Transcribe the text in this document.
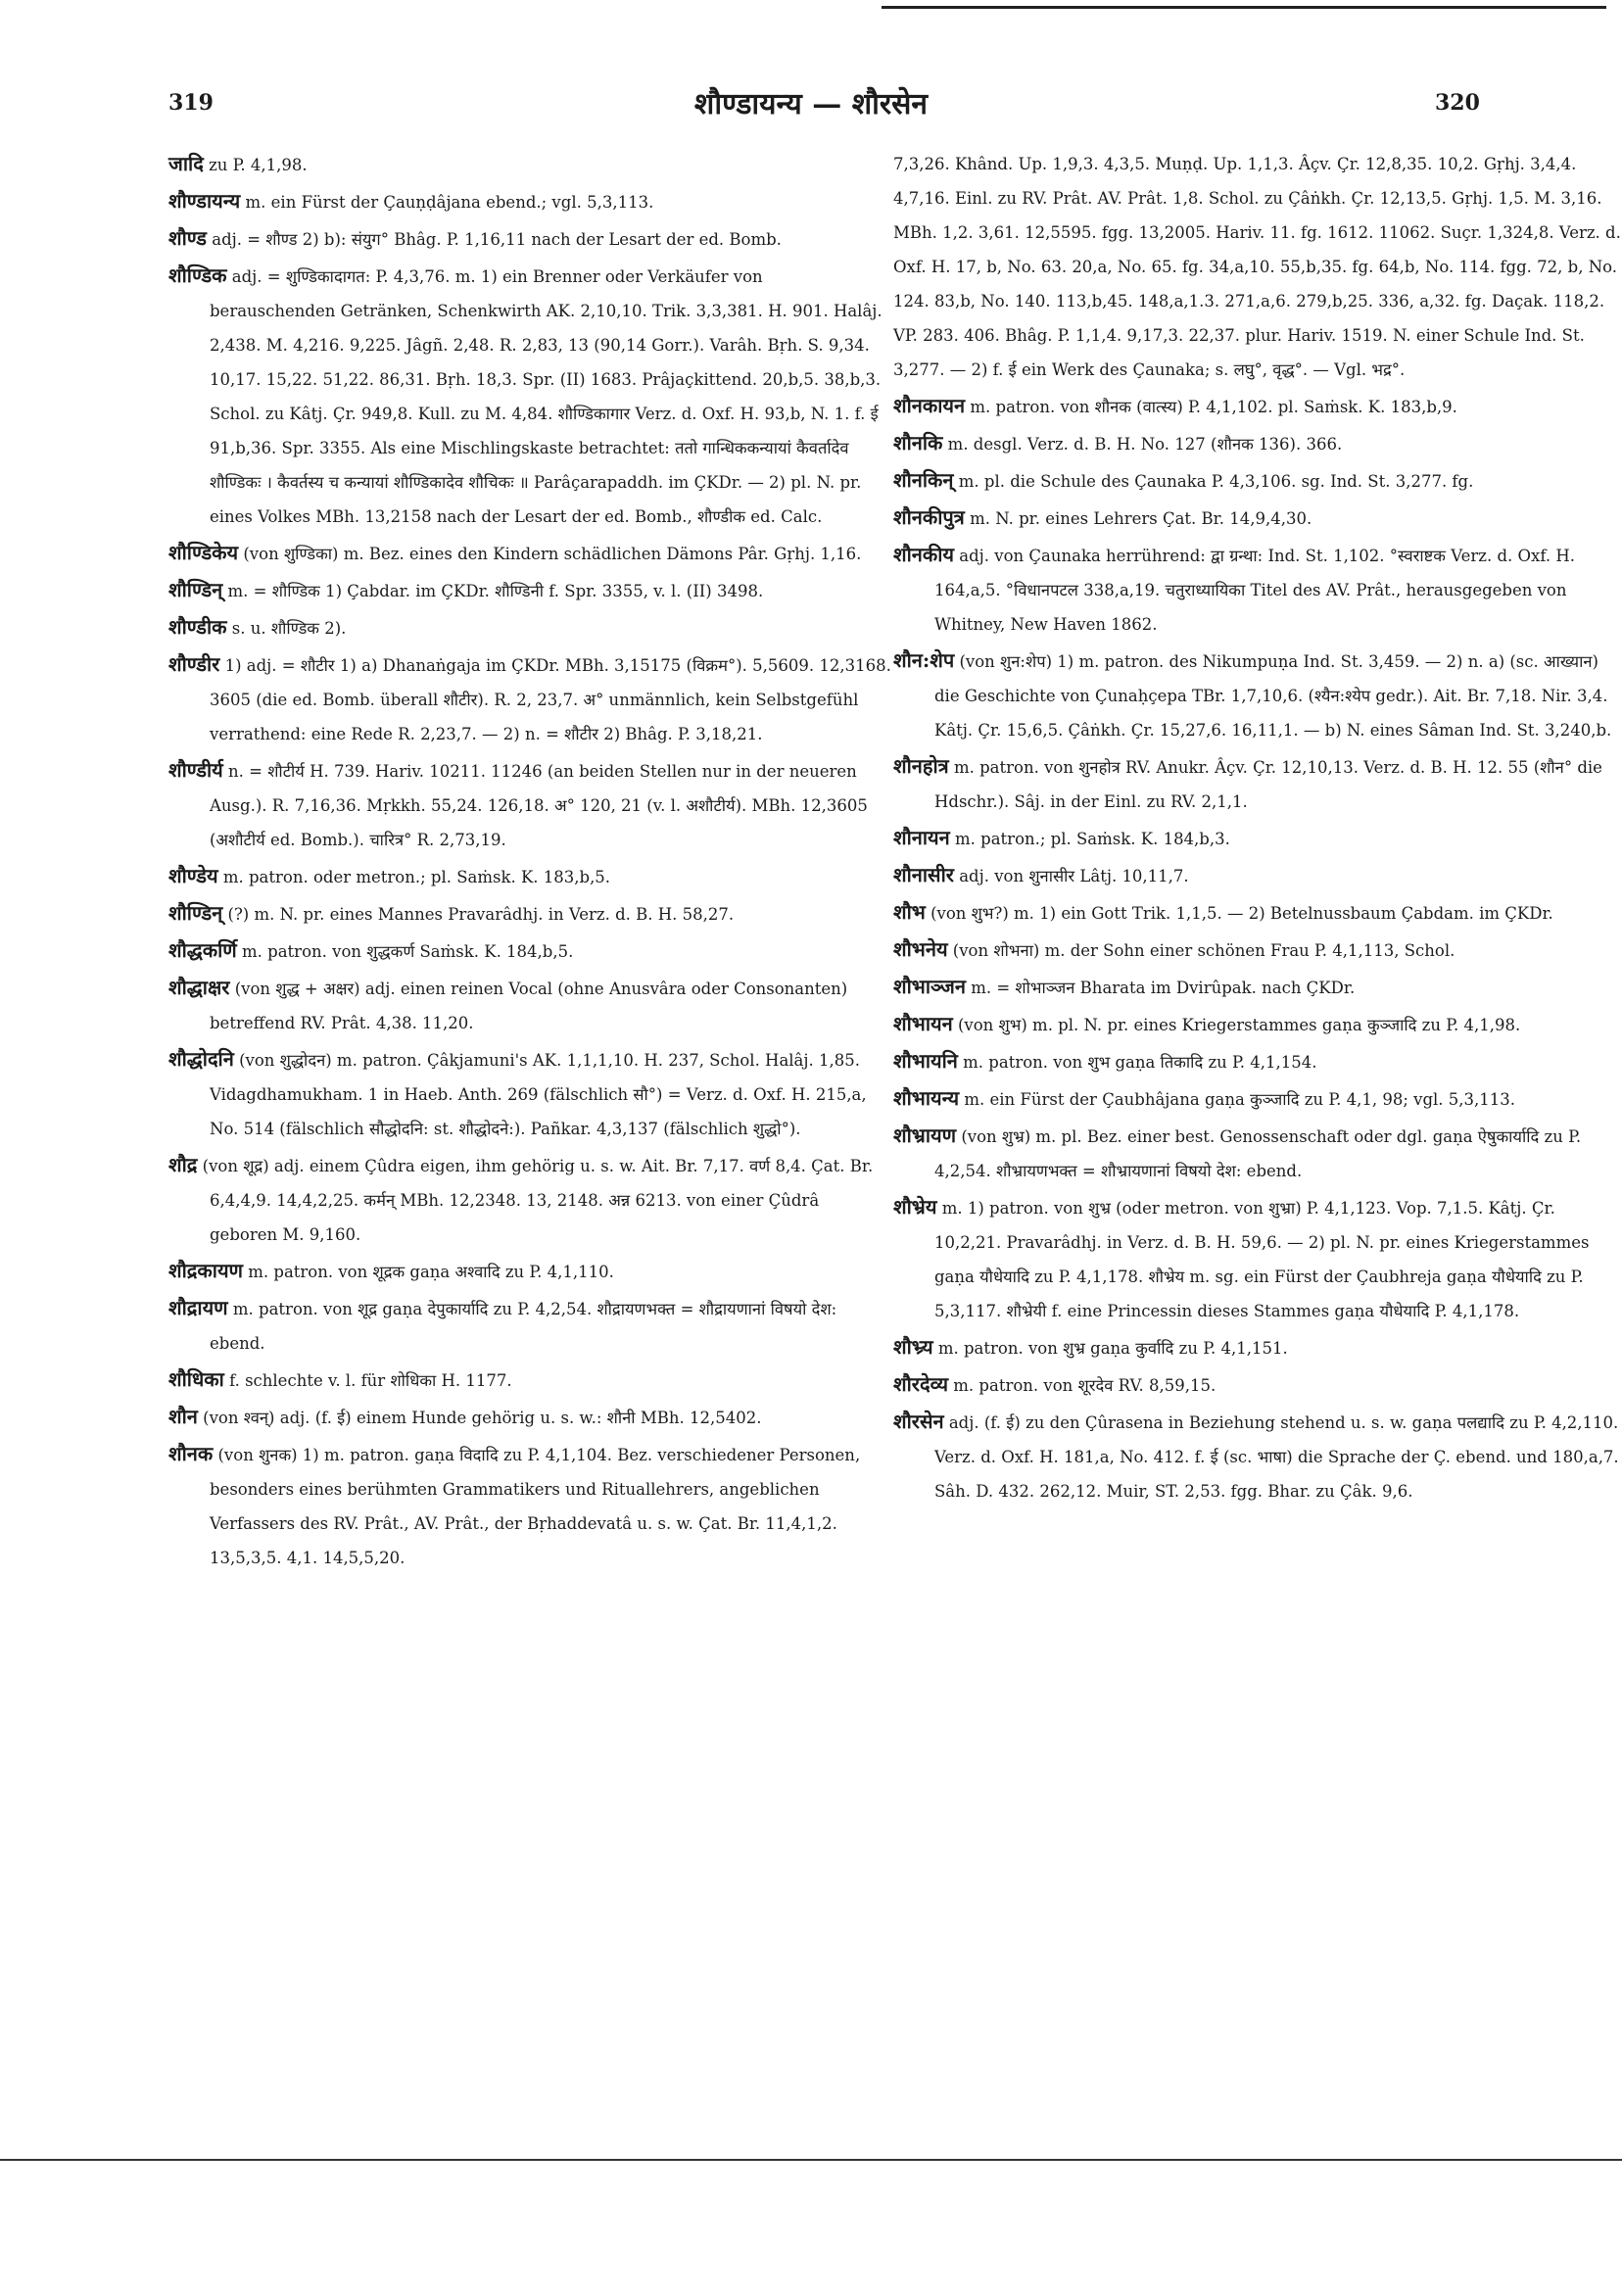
319	शौण्डायन्य — शौरसेन	320

जादि zu P. 4,1,98.

शौण्डायन्य m. ein Fürst der Çauṇḍâjana ebend.; vgl. 5,3,113.

शौण्ड adj. = शौण्ड 2) b): संयुग° Bhâg. P. 1,16,11 nach der Lesart der ed. Bomb.

शौण्डिक adj. = शुण्डिकादागत: P. 4,3,76. m. 1) ein Brenner oder Verkäufer von berauschenden Getränken, Schenkwirth AK. 2,10,10. Trik. 3,3,381. H. 901. Halâj. 2,438. M. 4,216. 9,225. Jâgñ. 2,48. R. 2,83, 13 (90,14 Gorr.). Varâh. Bṛh. S. 9,34. 10,17. 15,22. 51,22. 86,31. Bṛh. 18,3. Spr. (II) 1683. Prâjaçkittend. 20,b,5. 38,b,3. Schol. zu Kâtj. Çr. 949,8. Kull. zu M. 4,84. शौण्डिकागार Verz. d. Oxf. H. 93,b, N. 1. f. ई 91,b,36. Spr. 3355. Als eine Mischlingskaste betrachtet: ततो गान्धिककन्यायां कैवर्तादेव शौण्डिकः । कैवर्तस्य च कन्यायां शौण्डिकादेव शौचिकः ॥ Parâçarapaddh. im ÇKDr. — 2) pl. N. pr. eines Volkes MBh. 13,2158 nach der Lesart der ed. Bomb., शौण्डीक ed. Calc.

शौण्डिकेय (von शुण्डिका) m. Bez. eines den Kindern schädlichen Dämons Pâr. Gṛhj. 1,16.

शौण्डिन् m. = शौण्डिक 1) Çabdar. im ÇKDr. शौण्डिनी f. Spr. 3355, v. l. (II) 3498.

शौण्डीक s. u. शौण्डिक 2).

शौण्डीर 1) adj. = शौटीर 1) a) Dhanaṅgaja im ÇKDr. MBh. 3,15175 (विक्रम°). 5,5609. 12,3168. 3605 (die ed. Bomb. überall शौटीर). R. 2, 23,7. अ° unmännlich, kein Selbstgefühl verrathend: eine Rede R. 2,23,7. — 2) n. = शौटीर 2) Bhâg. P. 3,18,21.

शौण्डीर्य n. = शौटीर्य H. 739. Hariv. 10211. 11246 (an beiden Stellen nur in der neueren Ausg.). R. 7,16,36. Mṛkkh. 55,24. 126,18. अ° 120, 21 (v. l. अशौटीर्य). MBh. 12,3605 (अशौटीर्य ed. Bomb.). चारित्र° R. 2,73,19.

शौण्डेय m. patron. oder metron.; pl. Saṁsk. K. 183,b,5.

शौण्डिन् (?) m. N. pr. eines Mannes Pravarâdhj. in Verz. d. B. H. 58,27.

शौद्धकर्णि m. patron. von शुद्धकर्ण Saṁsk. K. 184,b,5.

शौद्धाक्षर (von शुद्ध + अक्षर) adj. einen reinen Vocal (ohne Anusvâra oder Consonanten) betreffend RV. Prât. 4,38. 11,20.

शौद्धोदनि (von शुद्धोदन) m. patron. Çâkjamuni's AK. 1,1,1,10. H. 237, Schol. Halâj. 1,85. Vidagdhamukham. 1 in Haeb. Anth. 269 (fälschlich सौ°) = Verz. d. Oxf. H. 215,a, No. 514 (fälschlich सौद्धोदनि: st. शौद्धोदने:). Pañkar. 4,3,137 (fälschlich शुद्धो°).

शौद्र (von शूद्र) adj. einem Çûdra eigen, ihm gehörig u. s. w. Ait. Br. 7,17. वर्ण 8,4. Çat. Br. 6,4,4,9. 14,4,2,25. कर्मन् MBh. 12,2348. 13, 2148. अन्न 6213. von einer Çûdrâ geboren M. 9,160.

शौद्रकायण m. patron. von शूद्रक gaṇa अश्वादि zu P. 4,1,110.

शौद्रायण m. patron. von शूद्र gaṇa देपुकार्यादि zu P. 4,2,54. शौद्रायणभक्त = शौद्रायणानां विषयो देश: ebend.

शौधिका f. schlechte v. l. für शोधिका H. 1177.

शौन (von श्वन्) adj. (f. ई) einem Hunde gehörig u. s. w.: शौनी MBh. 12,5402.

शौनक (von शुनक) 1) m. patron. gaṇa विदादि zu P. 4,1,104. Bez. verschiedener Personen, besonders eines berühmten Grammatikers und Rituallehrers, angeblichen Verfassers des RV. Prât., AV. Prât., der Bṛhaddevatâ u. s. w. Çat. Br. 11,4,1,2. 13,5,3,5. 4,1. 14,5,5,20.

7,3,26. Khând. Up. 1,9,3. 4,3,5. Muṇḍ. Up. 1,1,3. Âçv. Çr. 12,8,35. 10,2. Gṛhj. 3,4,4. 4,7,16. Einl. zu RV. Prât. AV. Prât. 1,8. Schol. zu Çâṅkh. Çr. 12,13,5. Gṛhj. 1,5. M. 3,16. MBh. 1,2. 3,61. 12,5595. fgg. 13,2005. Hariv. 11. fg. 1612. 11062. Suçr. 1,324,8. Verz. d. Oxf. H. 17, b, No. 63. 20,a, No. 65. fg. 34,a,10. 55,b,35. fg. 64,b, No. 114. fgg. 72, b, No. 124. 83,b, No. 140. 113,b,45. 148,a,1.3. 271,a,6. 279,b,25. 336, a,32. fg. Daçak. 118,2. VP. 283. 406. Bhâg. P. 1,1,4. 9,17,3. 22,37. plur. Hariv. 1519. N. einer Schule Ind. St. 3,277. — 2) f. ई ein Werk des Çaunaka; s. लघु°, वृद्ध°. — Vgl. भद्र°.

शौनकायन m. patron. von शौनक (वात्स्य) P. 4,1,102. pl. Saṁsk. K. 183,b,9.

शौनकि m. desgl. Verz. d. B. H. No. 127 (शौनक 136). 366.

शौनकिन् m. pl. die Schule des Çaunaka P. 4,3,106. sg. Ind. St. 3,277. fg.

शौनकीपुत्र m. N. pr. eines Lehrers Çat. Br. 14,9,4,30.

शौनकीय adj. von Çaunaka herrührend: द्वा ग्रन्था: Ind. St. 1,102. °स्वराष्टक Verz. d. Oxf. H. 164,a,5. °विधानपटल 338,a,19. चतुराध्यायिका Titel des AV. Prât., herausgegeben von Whitney, New Haven 1862.

शौन:शेप (von शुन:शेप) 1) m. patron. des Nikumpuṇa Ind. St. 3,459. — 2) n. a) (sc. आख्यान) die Geschichte von Çunaḥçepa TBr. 1,7,10,6. (श्यैन:श्येप gedr.). Ait. Br. 7,18. Nir. 3,4. Kâtj. Çr. 15,6,5. Çâṅkh. Çr. 15,27,6. 16,11,1. — b) N. eines Sâman Ind. St. 3,240,b.

शौनहोत्र m. patron. von शुनहोत्र RV. Anukr. Âçv. Çr. 12,10,13. Verz. d. B. H. 12. 55 (शौन° die Hdschr.). Sâj. in der Einl. zu RV. 2,1,1.

शौनायन m. patron.; pl. Saṁsk. K. 184,b,3.

शौनासीर adj. von शुनासीर Lâtj. 10,11,7.

शौभ (von शुभ?) m. 1) ein Gott Trik. 1,1,5. — 2) Betelnussbaum Çabdam. im ÇKDr.

शौभनेय (von शोभना) m. der Sohn einer schönen Frau P. 4,1,113, Schol.

शौभाञ्जन m. = शोभाञ्जन Bharata im Dvirûpak. nach ÇKDr.

शौभायन (von शुभ) m. pl. N. pr. eines Kriegerstammes gaṇa कुञ्जादि zu P. 4,1,98.

शौभायनि m. patron. von शुभ gaṇa तिकादि zu P. 4,1,154.

शौभायन्य m. ein Fürst der Çaubhâjana gaṇa कुञ्जादि zu P. 4,1, 98; vgl. 5,3,113.

शौभ्रायण (von शुभ्र) m. pl. Bez. einer best. Genossenschaft oder dgl. gaṇa ऐषुकार्यादि zu P. 4,2,54. शौभ्रायणभक्त = शौभ्रायणानां विषयो देश: ebend.

शौभ्रेय m. 1) patron. von शुभ्र (oder metron. von शुभ्रा) P. 4,1,123. Vop. 7,1.5. Kâtj. Çr. 10,2,21. Pravarâdhj. in Verz. d. B. H. 59,6. — 2) pl. N. pr. eines Kriegerstammes gaṇa यौधेयादि zu P. 4,1,178. शौभ्रेय m. sg. ein Fürst der Çaubhreja gaṇa यौधेयादि zu P. 5,3,117. शौभ्रेयी f. eine Princessin dieses Stammes gaṇa यौधेयादि P. 4,1,178.

शौभ्र्य m. patron. von शुभ्र gaṇa कुर्वादि zu P. 4,1,151.

शौरदेव्य m. patron. von शूरदेव RV. 8,59,15.

शौरसेन adj. (f. ई) zu den Çûrasena in Beziehung stehend u. s. w. gaṇa पलद्यादि zu P. 4,2,110. Verz. d. Oxf. H. 181,a, No. 412. f. ई (sc. भाषा) die Sprache der Ç. ebend. und 180,a,7. Sâh. D. 432. 262,12. Muir, ST. 2,53. fgg. Bhar. zu Çâk. 9,6.
